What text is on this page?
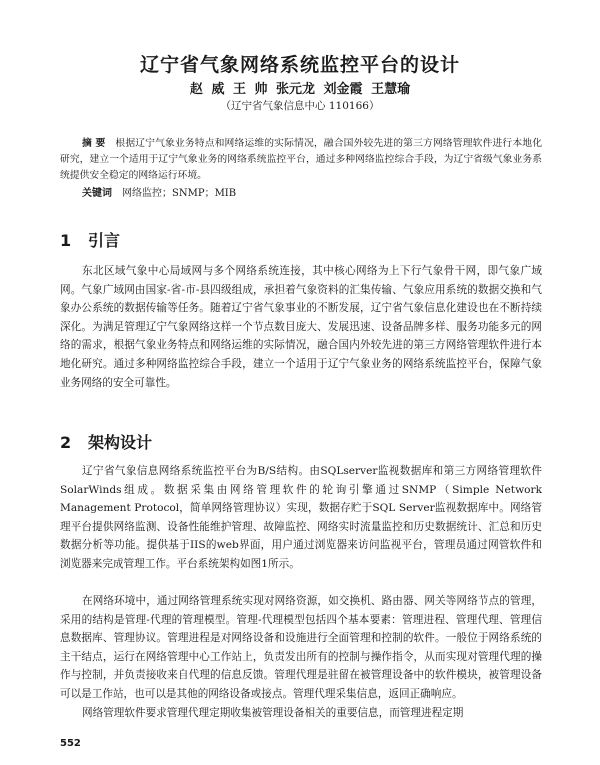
辽宁省气象网络系统监控平台的设计
赵 威 王 帅 张元龙 刘金霞 王慧瑜
（辽宁省气象信息中心 110166）
摘 要 根据辽宁气象业务特点和网络运维的实际情况，融合国外较先进的第三方网络管理软件进行本地化研究，建立一个适用于辽宁气象业务的网络系统监控平台，通过多种网络监控综合手段，为辽宁省级气象业务系统提供安全稳定的网络运行环境。
关键词 网络监控；SNMP；MIB
1 引言
东北区域气象中心局域网与多个网络系统连接，其中核心网络为上下行气象骨干网，即气象广域网。气象广域网由国家-省-市-县四级组成，承担着气象资料的汇集传输、气象应用系统的数据交换和气象办公系统的数据传输等任务。随着辽宁省气象事业的不断发展，辽宁省气象信息化建设也在不断持续深化。为满足管理辽宁气象网络这样一个节点数目庞大、发展迅速、设备品牌多样、服务功能多元的网络的需求，根据气象业务特点和网络运维的实际情况，融合国内外较先进的第三方网络管理软件进行本地化研究。通过多种网络监控综合手段，建立一个适用于辽宁气象业务的网络系统监控平台，保障气象业务网络的安全可靠性。
2 架构设计
辽宁省气象信息网络系统监控平台为B/S结构。由SQLserver监视数据库和第三方网络管理软件SolarWinds组成。数据采集由网络管理软件的轮询引擎通过SNMP（Simple Network Management Protocol，简单网络管理协议）实现，数据存贮于SQL Server监视数据库中。网络管理平台提供网络监测、设备性能维护管理、故障监控、网络实时流量监控和历史数据统计、汇总和历史数据分析等功能。提供基于IIS的web界面，用户通过浏览器来访问监视平台，管理员通过网管软件和浏览器来完成管理工作。平台系统架构如图1所示。
在网络环境中，通过网络管理系统实现对网络资源，如交换机、路由器、网关等网络节点的管理，采用的结构是管理-代理的管理模型。管理-代理模型包括四个基本要素：管理进程、管理代理、管理信息数据库、管理协议。管理进程是对网络设备和设施进行全面管理和控制的软件。一般位于网络系统的主干结点，运行在网络管理中心工作站上，负责发出所有的控制与操作指令，从而实现对管理代理的操作与控制，并负责接收来自代理的信息反馈。管理代理是驻留在被管理设备中的软件模块，被管理设备可以是工作站，也可以是其他的网络设备或接点。管理代理采集信息，返回正确响应。
网络管理软件要求管理代理定期收集被管理设备相关的重要信息，而管理进程定期
552
